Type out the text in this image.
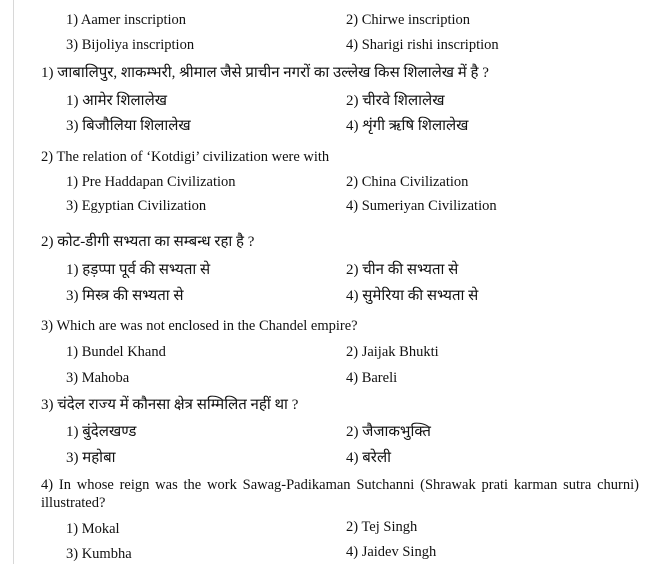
1) Aamer inscription	2) Chirwe inscription
3) Bijoliya inscription	4) Sharigi rishi inscription
1) जाबालिपुर, शाकम्भरी, श्रीमाल जैसे प्राचीन नगरों का उल्लेख किस शिलालेख में है ?
1) आमेर शिलालेख	2) चीरवे शिलालेख
3) बिजौलिया शिलालेख	4) शृंगी ऋषि शिलालेख
2) The relation of ‘Kotdigi’ civilization were with
1) Pre Haddapan Civilization	2) China Civilization
3) Egyptian Civilization	4) Sumeriyan Civilization
2) कोट-डीगी सभ्यता का सम्बन्ध रहा है ?
1) हड़प्पा पूर्व की सभ्यता से	2) चीन की सभ्यता से
3) मिस्त्र की सभ्यता से	4) सुमेरिया की सभ्यता से
3) Which are was not enclosed in the Chandel empire?
1) Bundel Khand	2) Jaijak Bhukti
3) Mahoba	4) Bareli
3) चंदेल राज्य में कौनसा क्षेत्र सम्मिलित नहीं था ?
1) बुंदेलखण्ड	2) जैजाकभुक्ति
3) महोबा	4) बरेली
4) In whose reign was the work Sawag-Padikaman Sutchanni (Shrawak prati karman sutra churni) illustrated?
1) Mokal	2) Tej Singh
3) Kumbha	4) Jaidev Singh
